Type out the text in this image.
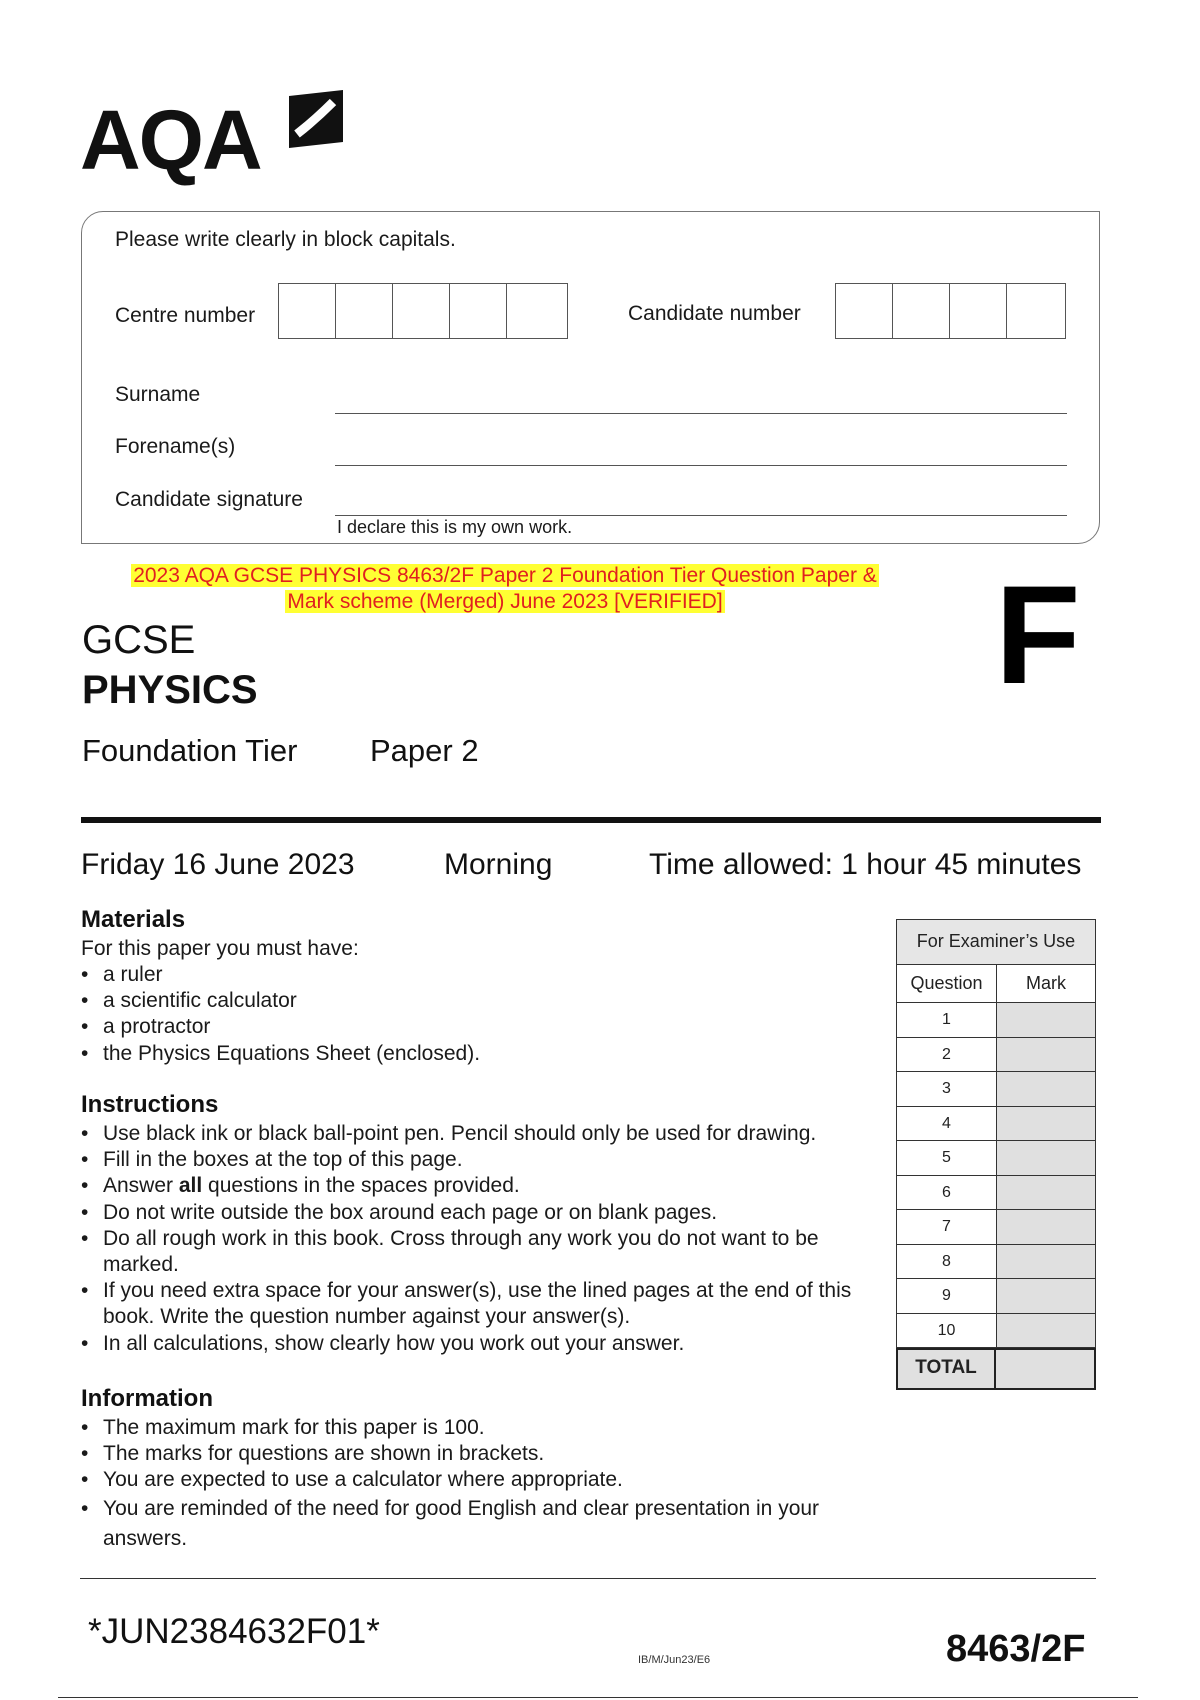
AQA
Please write clearly in block capitals.
Centre number	Candidate number
Surname
Forename(s)
Candidate signature
I declare this is my own work.
2023 AQA GCSE PHYSICS 8463/2F Paper 2 Foundation Tier Question Paper &
Mark scheme (Merged) June 2023 [VERIFIED]
GCSE
PHYSICS
Foundation Tier Paper 2
F
Friday 16 June 2023	Morning	Time allowed: 1 hour 45 minutes
Materials
For this paper you must have:
• a ruler
• a scientific calculator
• a protractor
• the Physics Equations Sheet (enclosed).
Instructions
• Use black ink or black ball-point pen. Pencil should only be used for drawing.
• Fill in the boxes at the top of this page.
• Answer all questions in the spaces provided.
• Do not write outside the box around each page or on blank pages.
• Do all rough work in this book. Cross through any work you do not want to be marked.
• If you need extra space for your answer(s), use the lined pages at the end of this book. Write the question number against your answer(s).
• In all calculations, show clearly how you work out your answer.
Information
• The maximum mark for this paper is 100.
• The marks for questions are shown in brackets.
• You are expected to use a calculator where appropriate.
• You are reminded of the need for good English and clear presentation in your answers.
For Examiner’s Use
Question	Mark
1
2
3
4
5
6
7
8
9
10
TOTAL
*JUN2384632F01*
IB/M/Jun23/E6	8463/2F
